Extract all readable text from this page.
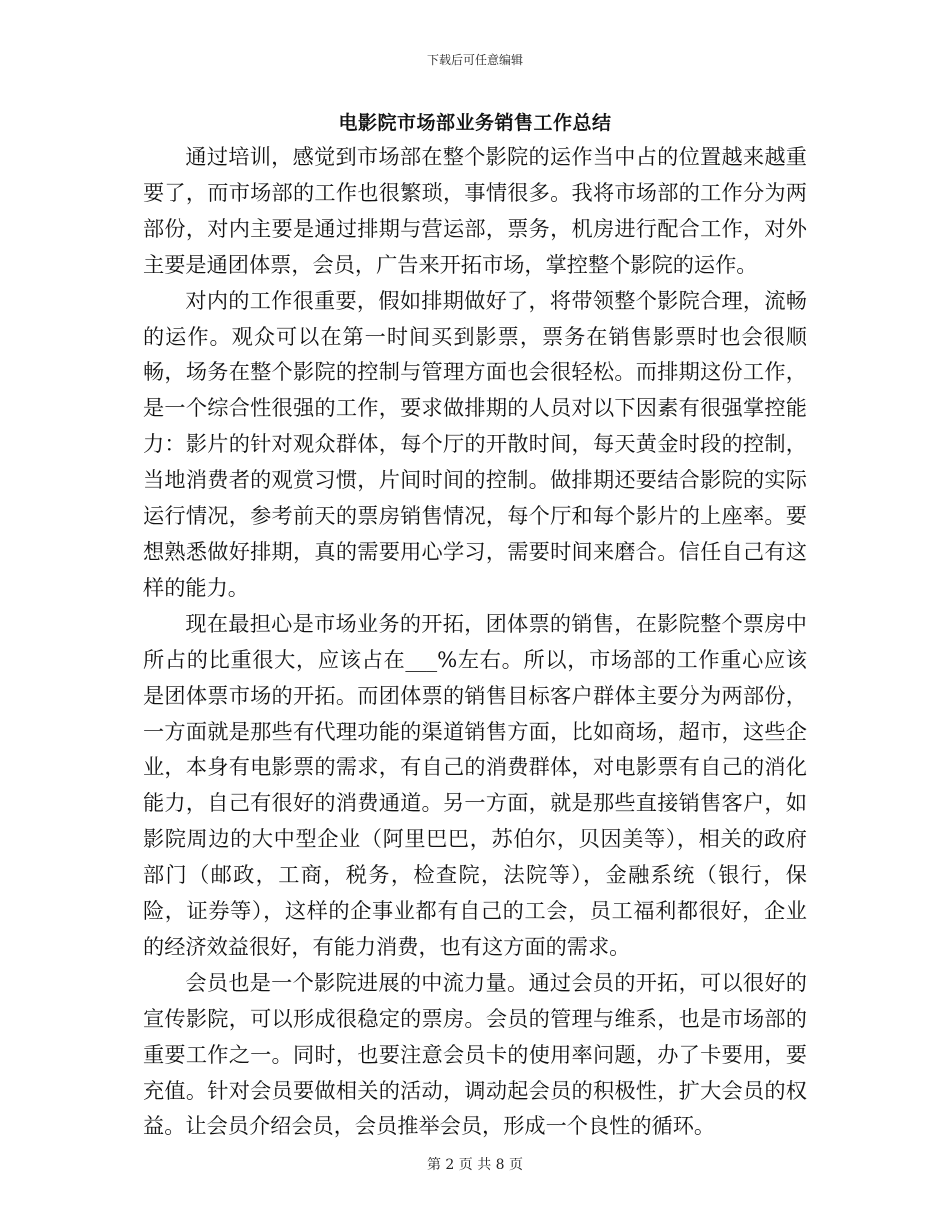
下载后可任意编辑
电影院市场部业务销售工作总结

通过培训，感觉到市场部在整个影院的运作当中占的位置越来越重要了，而市场部的工作也很繁琐，事情很多。我将市场部的工作分为两部份，对内主要是通过排期与营运部，票务，机房进行配合工作，对外主要是通团体票，会员，广告来开拓市场，掌控整个影院的运作。

对内的工作很重要，假如排期做好了，将带领整个影院合理，流畅的运作。观众可以在第一时间买到影票，票务在销售影票时也会很顺畅，场务在整个影院的控制与管理方面也会很轻松。而排期这份工作，是一个综合性很强的工作，要求做排期的人员对以下因素有很强掌控能力：影片的针对观众群体，每个厅的开散时间，每天黄金时段的控制，当地消费者的观赏习惯，片间时间的控制。做排期还要结合影院的实际运行情况，参考前天的票房销售情况，每个厅和每个影片的上座率。要想熟悉做好排期，真的需要用心学习，需要时间来磨合。信任自己有这样的能力。

现在最担心是市场业务的开拓，团体票的销售，在影院整个票房中所占的比重很大，应该占在___%左右。所以，市场部的工作重心应该是团体票市场的开拓。而团体票的销售目标客户群体主要分为两部份，一方面就是那些有代理功能的渠道销售方面，比如商场，超市，这些企业，本身有电影票的需求，有自己的消费群体，对电影票有自己的消化能力，自己有很好的消费通道。另一方面，就是那些直接销售客户，如影院周边的大中型企业（阿里巴巴，苏伯尔，贝因美等），相关的政府部门（邮政，工商，税务，检查院，法院等），金融系统（银行，保险，证券等），这样的企事业都有自己的工会，员工福利都很好，企业的经济效益很好，有能力消费，也有这方面的需求。

会员也是一个影院进展的中流力量。通过会员的开拓，可以很好的宣传影院，可以形成很稳定的票房。会员的管理与维系，也是市场部的重要工作之一。同时，也要注意会员卡的使用率问题，办了卡要用，要充值。针对会员要做相关的活动，调动起会员的积极性，扩大会员的权益。让会员介绍会员，会员推举会员，形成一个良性的循环。

第 2 页 共 8 页
